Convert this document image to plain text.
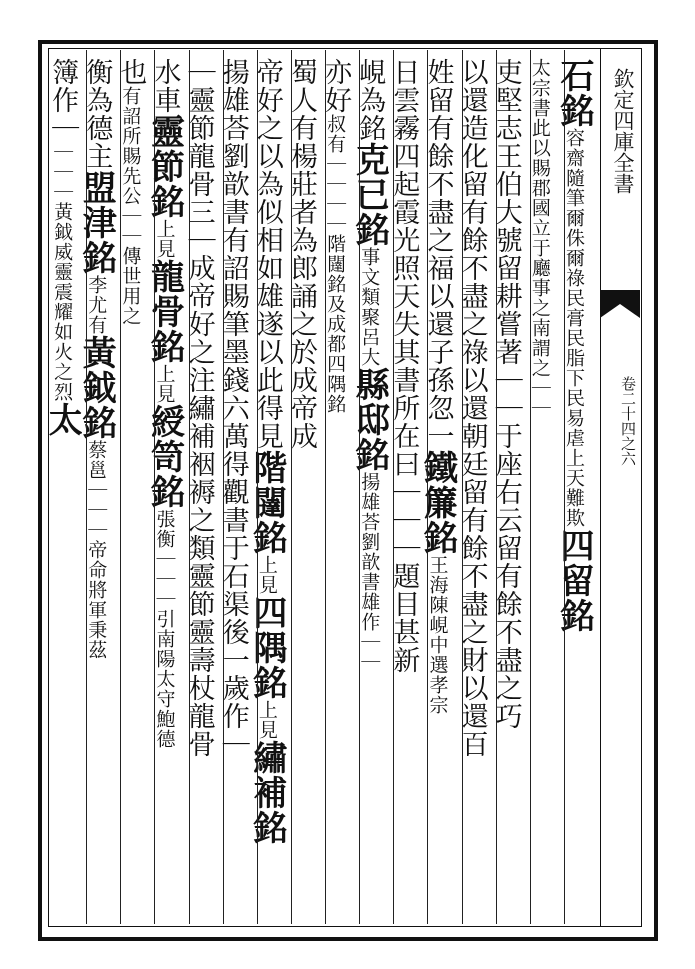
欽定四庫全書
卷二十四之六
石銘容齋隨筆爾侏爾祿民膏民脂下民易虐上天難欺四留銘
太宗書此以賜郡國立于廳事之南謂之｜｜
吏堅志王伯大號留耕嘗著｜｜于座右云留有餘不盡之巧
以還造化留有餘不盡之祿以還朝廷留有餘不盡之財以還百
姓留有餘不盡之福以還子孫忽一鐵簾銘王海陳峴中選孝宗
日雲霧四起霞光照天失其書所在曰｜｜｜題目甚新
峴為銘克已銘事文類聚呂大縣邸銘揚雄荅劉歆書雄作｜｜
亦好叔有｜｜｜｜階闥銘及成都四隅銘
蜀人有楊莊者為郎誦之於成帝成
帝好之以為似相如雄遂以此得見階闥銘上見四隅銘上見繡補銘
揚雄荅劉歆書有詔賜筆墨錢六萬得觀書于石渠後一歲作｜
｜靈節龍骨三｜成帝好之注繡補裀褥之類靈節靈壽杖龍骨
水車靈節銘上見龍骨銘上見綬笥銘張衡｜｜｜引南陽太守鮑德
也有詔所賜先公｜｜傳世用之
衡為德主盟津銘李尤有黃鉞銘蔡邕｜｜｜帝命將軍秉茲
簿作｜｜｜｜黃鉞威靈震耀如火之烈太
